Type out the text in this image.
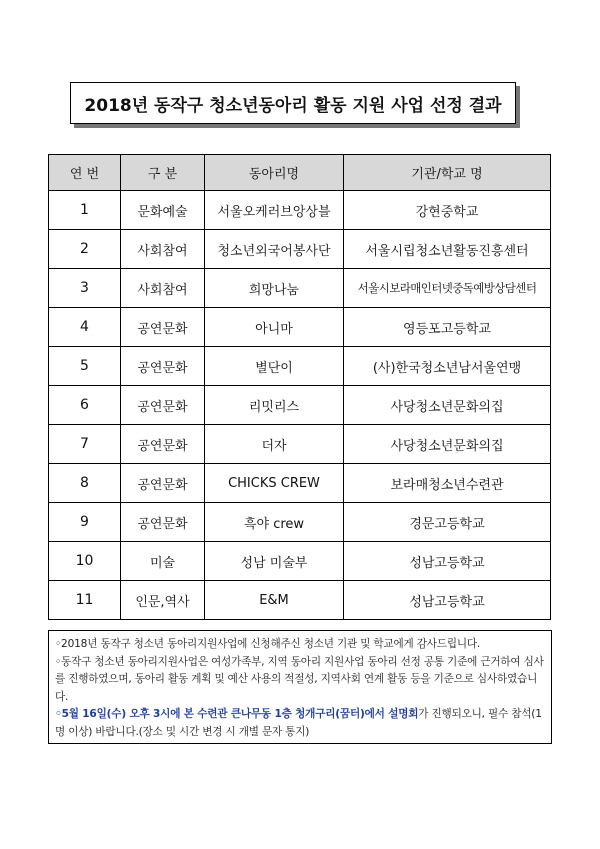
2018년 동작구 청소년동아리 활동 지원 사업 선정 결과
연 번	구 분	동아리명	기관/학교 명
1	문화예술	서울오케러브앙상블	강현중학교
2	사회참여	청소년외국어봉사단	서울시립청소년활동진흥센터
3	사회참여	희망나눔	서울시보라매인터넷중독예방상담센터
4	공연문화	아니마	영등포고등학교
5	공연문화	별단이	(사)한국청소년남서울연맹
6	공연문화	리밋리스	사당청소년문화의집
7	공연문화	더자	사당청소년문화의집
8	공연문화	CHICKS CREW	보라매청소년수련관
9	공연문화	흑야 crew	경문고등학교
10	미술	성남 미술부	성남고등학교
11	인문,역사	E&M	성남고등학교

◦2018년 동작구 청소년 동아리지원사업에 신청해주신 청소년 기관 및 학교에게 감사드립니다.

◦동작구 청소년 동아리지원사업은 여성가족부, 지역 동아리 지원사업 동아리 선정 공통 기준에 근거하여 심사를 진행하였으며, 동아리 활동 계획 및 예산 사용의 적절성, 지역사회 연계 활동 등을 기준으로 심사하였습니다.

◦5월 16일(수) 오후 3시에 본 수련관 큰나무동 1층 청개구리(꿈터)에서 설명회가 진행되오니, 필수 참석(1명 이상) 바랍니다.(장소 및 시간 변경 시 개별 문자 통지)
